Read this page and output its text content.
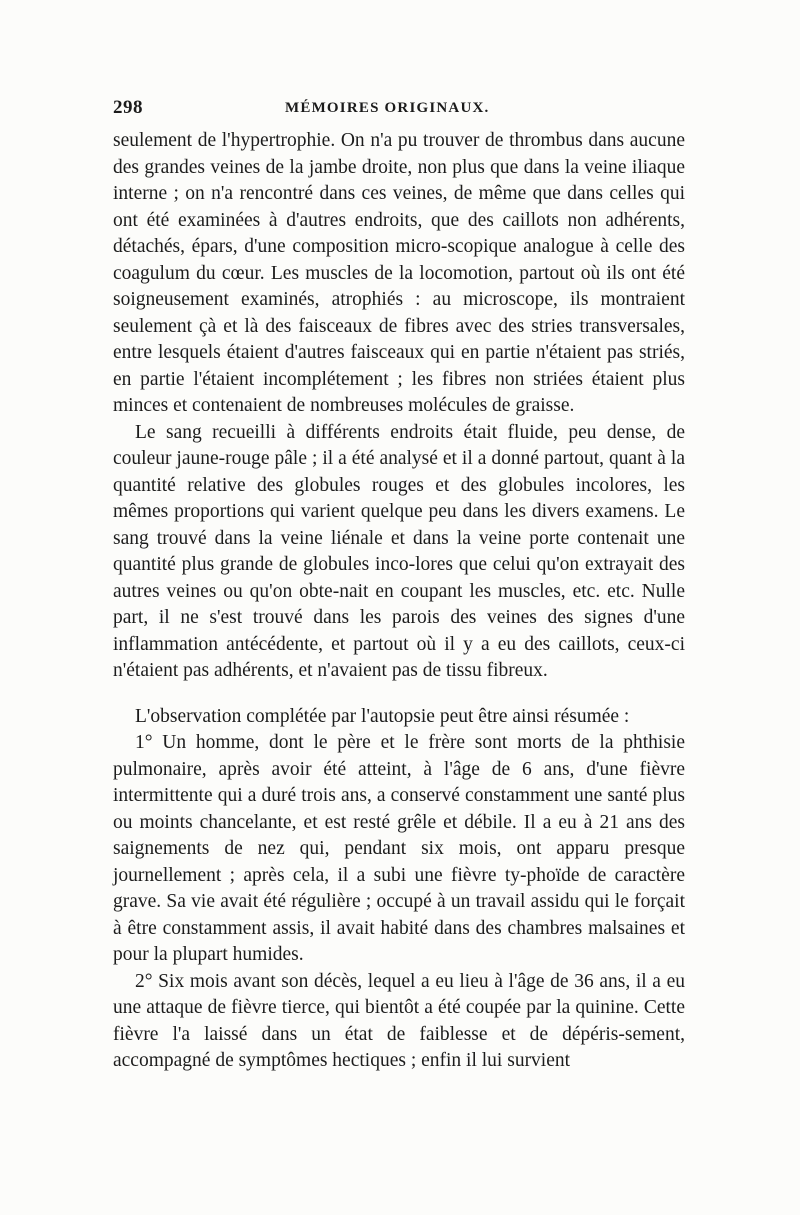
298	MÉMOIRES ORIGINAUX.

seulement de l'hypertrophie. On n'a pu trouver de thrombus dans aucune des grandes veines de la jambe droite, non plus que dans la veine iliaque interne ; on n'a rencontré dans ces veines, de même que dans celles qui ont été examinées à d'autres endroits, que des caillots non adhérents, détachés, épars, d'une composition micro-scopique analogue à celle des coagulum du cœur. Les muscles de la locomotion, partout où ils ont été soigneusement examinés, atrophiés : au microscope, ils montraient seulement çà et là des faisceaux de fibres avec des stries transversales, entre lesquels étaient d'autres faisceaux qui en partie n'étaient pas striés, en partie l'étaient incomplétement ; les fibres non striées étaient plus minces et contenaient de nombreuses molécules de graisse.

Le sang recueilli à différents endroits était fluide, peu dense, de couleur jaune-rouge pâle ; il a été analysé et il a donné partout, quant à la quantité relative des globules rouges et des globules incolores, les mêmes proportions qui varient quelque peu dans les divers examens. Le sang trouvé dans la veine liénale et dans la veine porte contenait une quantité plus grande de globules inco-lores que celui qu'on extrayait des autres veines ou qu'on obte-nait en coupant les muscles, etc. etc. Nulle part, il ne s'est trouvé dans les parois des veines des signes d'une inflammation antécédente, et partout où il y a eu des caillots, ceux-ci n'étaient pas adhérents, et n'avaient pas de tissu fibreux.

L'observation complétée par l'autopsie peut être ainsi résumée :

1° Un homme, dont le père et le frère sont morts de la phthisie pulmonaire, après avoir été atteint, à l'âge de 6 ans, d'une fièvre intermittente qui a duré trois ans, a conservé constamment une santé plus ou moints chancelante, et est resté grêle et débile. Il a eu à 21 ans des saignements de nez qui, pendant six mois, ont apparu presque journellement ; après cela, il a subi une fièvre ty-phoïde de caractère grave. Sa vie avait été régulière ; occupé à un travail assidu qui le forçait à être constamment assis, il avait habité dans des chambres malsaines et pour la plupart humides.

2° Six mois avant son décès, lequel a eu lieu à l'âge de 36 ans, il a eu une attaque de fièvre tierce, qui bientôt a été coupée par la quinine. Cette fièvre l'a laissé dans un état de faiblesse et de dépéris-sement, accompagné de symptômes hectiques ; enfin il lui survient
